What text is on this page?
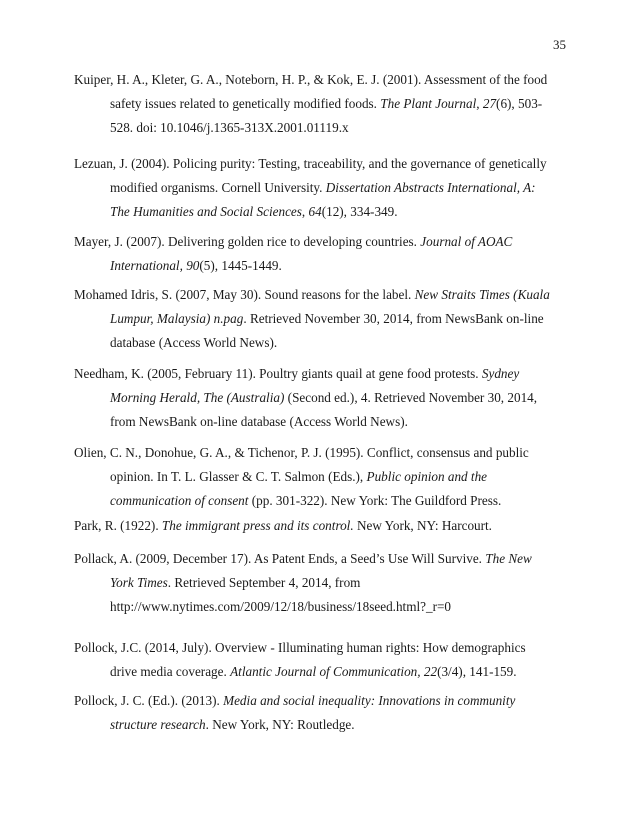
35
Kuiper, H. A., Kleter, G. A., Noteborn, H. P., & Kok, E. J. (2001). Assessment of the food safety issues related to genetically modified foods. The Plant Journal, 27(6), 503-528. doi: 10.1046/j.1365-313X.2001.01119.x
Lezuan, J. (2004). Policing purity: Testing, traceability, and the governance of genetically modified organisms. Cornell University. Dissertation Abstracts International, A: The Humanities and Social Sciences, 64(12), 334-349.
Mayer, J. (2007). Delivering golden rice to developing countries. Journal of AOAC International, 90(5), 1445-1449.
Mohamed Idris, S. (2007, May 30). Sound reasons for the label. New Straits Times (Kuala Lumpur, Malaysia) n.pag. Retrieved November 30, 2014, from NewsBank on-line database (Access World News).
Needham, K. (2005, February 11). Poultry giants quail at gene food protests. Sydney Morning Herald, The (Australia) (Second ed.), 4. Retrieved November 30, 2014, from NewsBank on-line database (Access World News).
Olien, C. N., Donohue, G. A., & Tichenor, P. J. (1995). Conflict, consensus and public opinion. In T. L. Glasser & C. T. Salmon (Eds.), Public opinion and the communication of consent (pp. 301-322). New York: The Guildford Press.
Park, R. (1922). The immigrant press and its control. New York, NY: Harcourt.
Pollack, A. (2009, December 17). As Patent Ends, a Seed’s Use Will Survive. The New York Times. Retrieved September 4, 2014, from http://www.nytimes.com/2009/12/18/business/18seed.html?_r=0
Pollock, J.C. (2014, July). Overview - Illuminating human rights: How demographics drive media coverage. Atlantic Journal of Communication, 22(3/4), 141-159.
Pollock, J. C. (Ed.). (2013). Media and social inequality: Innovations in community structure research. New York, NY: Routledge.
